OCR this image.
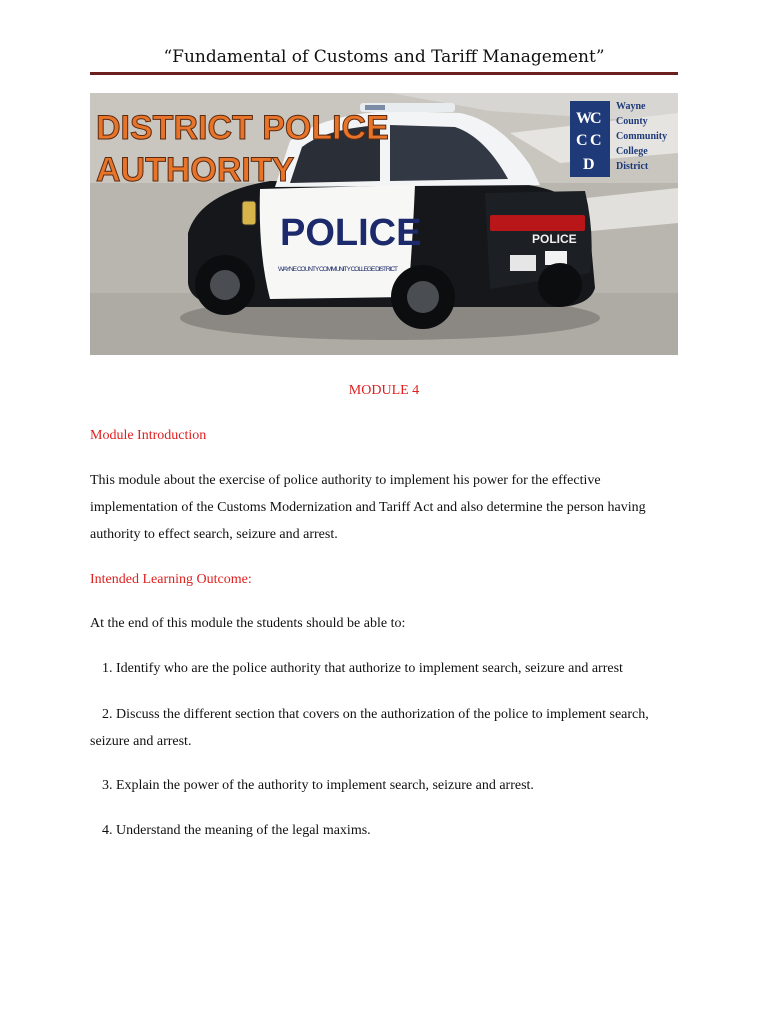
“Fundamental of Customs and Tariff Management”
POLICE
WAYNE COUNTY COMMUNITY COLLEGE DISTRICT
POLICE
DISTRICT POLICE
AUTHORITY
W
C
C C
D
Wayne
County
Community
College
District
MODULE 4
Module Introduction
This module about the exercise of police authority to implement his power for the effective implementation of the Customs Modernization and Tariff Act and also determine the person having authority to effect search, seizure and arrest.
Intended Learning Outcome:
At the end of this module the students should be able to:
1. Identify who are the police authority that authorize to implement search, seizure and arrest
2. Discuss the different section that covers on the authorization of the police to implement search, seizure and arrest.
3. Explain the power of the authority to implement search, seizure and arrest.
4. Understand the meaning of the legal maxims.
